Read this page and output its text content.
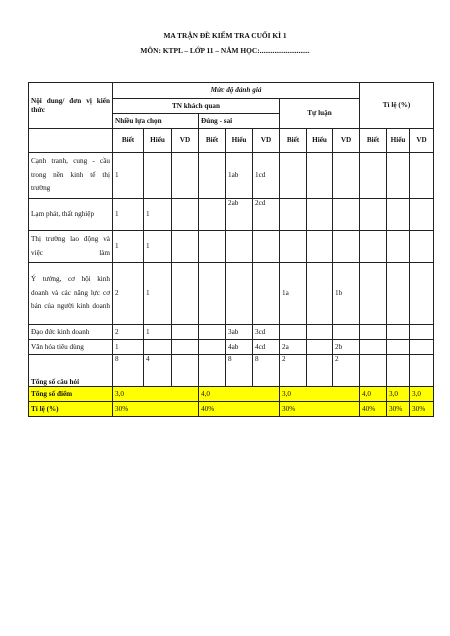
MA TRẬN ĐỀ KIỂM TRA CUỐI KÌ 1
MÔN: KTPL – LỚP 11 – NĂM HỌC:...........................
Nội dung/ đơn vị kiến thức	Mức độ đánh giá									Tỉ lệ (%)		
	TN khách quan						Tự luận					
	Nhiều lựa chọn			Đúng - sai								
	Biết	Hiểu	VD	Biết	Hiểu	VD	Biết	Hiểu	VD	Biết	Hiểu	VD
Cạnh tranh, cung - cầu trong nền kinh tế thị trường	1				1ab	1cd						
Lạm phát, thất nghiệp	1	1			2ab	2cd						
Thị trường lao động và việc làm	1	1										
Ý tưởng, cơ hội kinh doanh và các năng lực cơ bản của người kinh doanh	2	1					1a		1b			
Đạo đức kinh doanh	2	1			3ab	3cd						
Văn hóa tiêu dùng	1				4ab	4cd	2a		2b			
Tổng số câu hỏi	8	4			8	8	2		2			
Tổng số điểm	3,0			4,0			3,0			4,0	3,0	3,0
Tỉ lệ (%)	30%			40%			30%			40%	30%	30%
